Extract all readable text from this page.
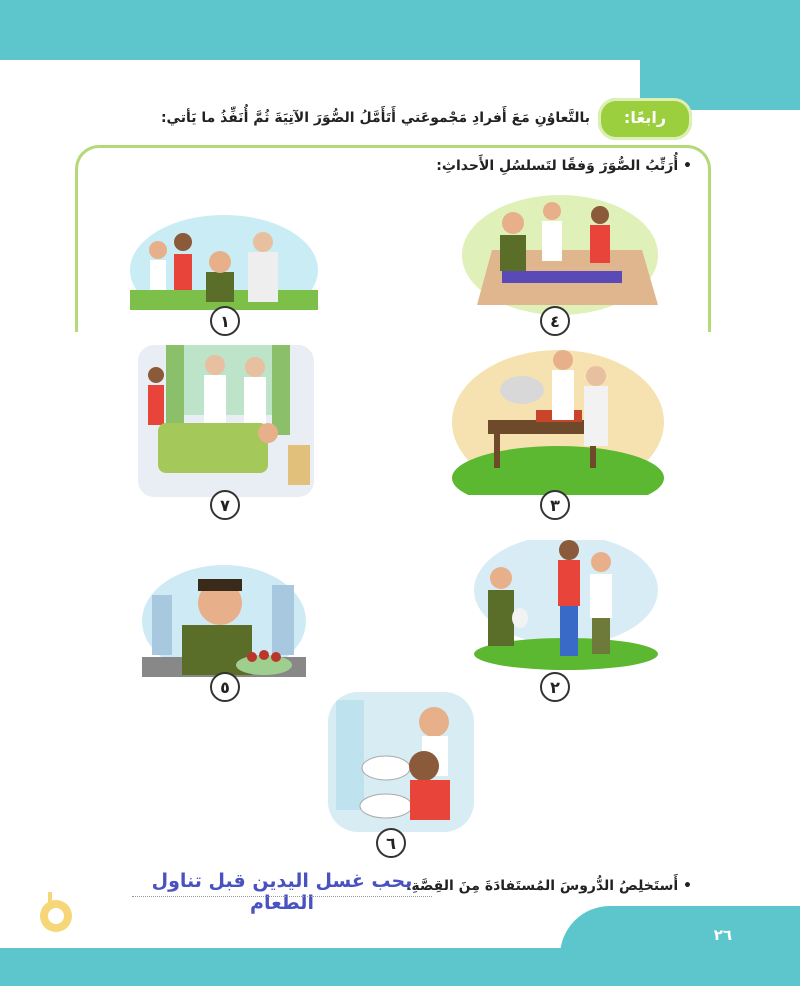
٢٦
رابعًا:
بالتَّعاوُنِ مَعَ أَفرادِ مَجْموعَتي أَتَأَمَّلُ الصُّوَرَ الآتِيَةَ ثُمَّ أُنَفِّذُ ما يَأتي:
• أُرَتِّبُ الصُّوَرَ وَفقًا لتَسلسُلِ الأَحداثِ:
١	٤
٧	٣
٥	٢
٦
• أَستَخلِصُ الدُّروسَ المُستَفادَةَ مِنَ القِصَّةِ:
يحب غسل اليدين قبل تناول الطعام
